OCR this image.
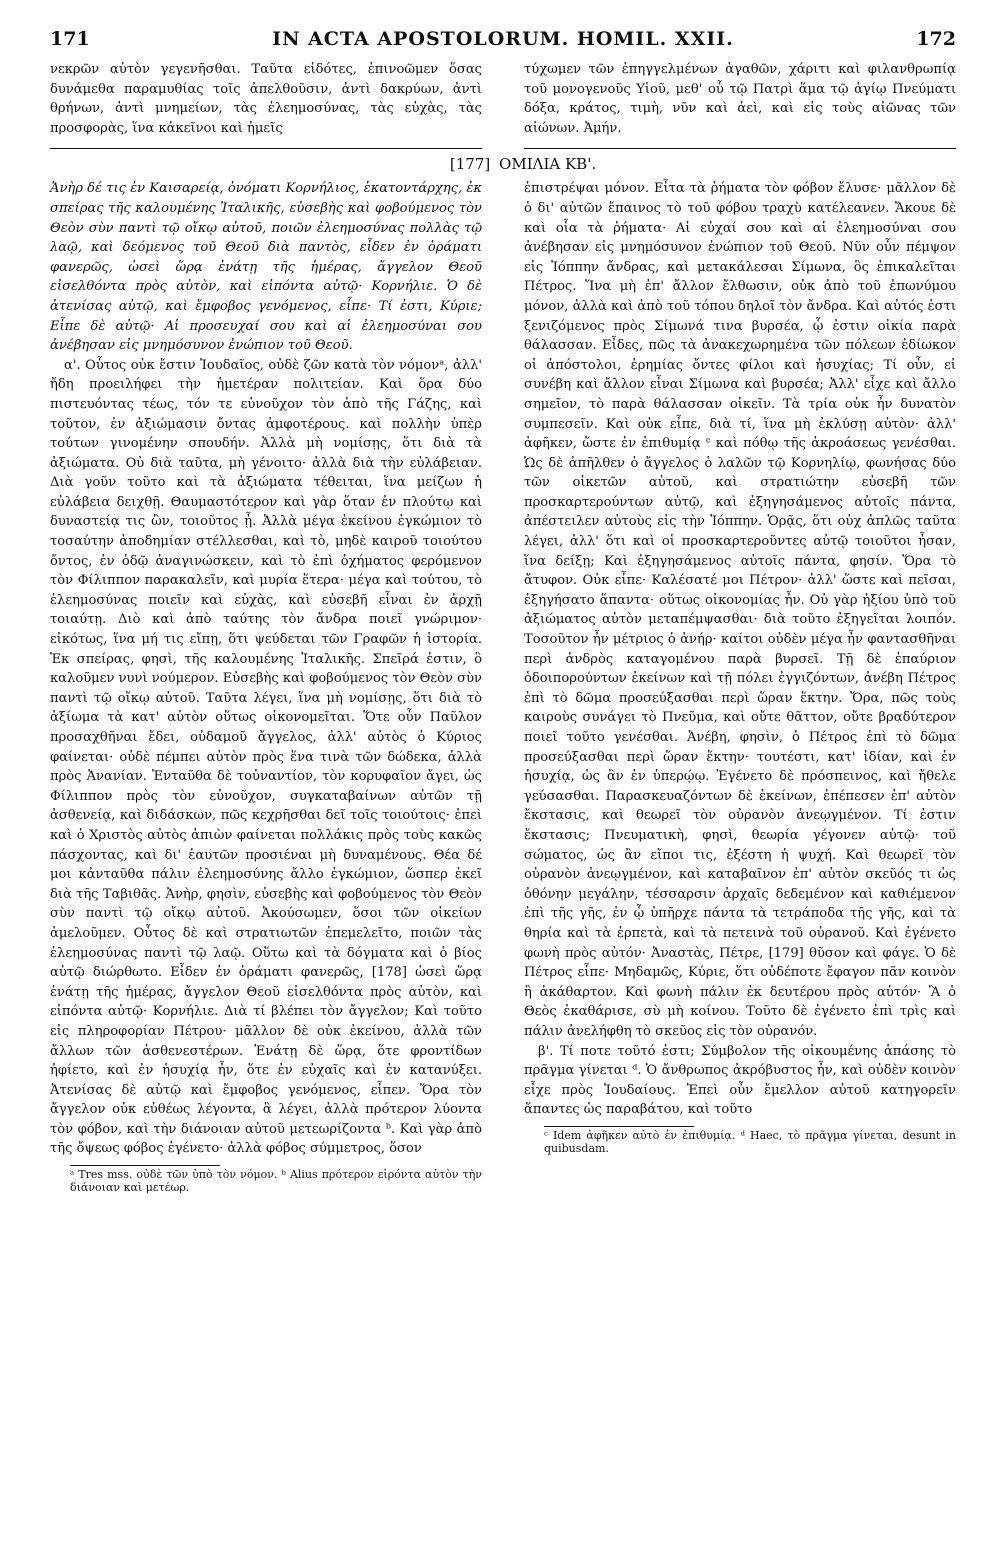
171	IN ACTA APOSTOLORUM. HOMIL. XXII.	172

νεκρῶν αὐτὸν γεγενῆσθαι. Ταῦτα εἰδότες, ἐπινοῶμεν ὅσας δυνάμεθα παραμυθίας τοῖς ἀπελθοῦσιν, ἀντὶ δακρύων, ἀντὶ θρήνων, ἀντὶ μνημείων, τὰς ἐλεημοσύνας, τὰς εὐχὰς, τὰς προσφορὰς, ἵνα κἀκεῖνοι καὶ ἡμεῖς

τύχωμεν τῶν ἐπηγγελμένων ἀγαθῶν, χάριτι καὶ φιλανθρωπίᾳ τοῦ μονογενοῦς Υἱοῦ, μεθ' οὗ τῷ Πατρὶ ἅμα τῷ ἁγίῳ Πνεύματι δόξα, κράτος, τιμὴ, νῦν καὶ ἀεὶ, καὶ εἰς τοὺς αἰῶνας τῶν αἰώνων. Ἀμήν.

[177] ΟΜΙΛΙΑ ΚΒ'.

Ἀνὴρ δέ τις ἐν Καισαρείᾳ, ὀνόματι Κορνήλιος, ἑκατοντάρχης, ἐκ σπείρας τῆς καλουμένης Ἰταλικῆς, εὐσεβὴς καὶ φοβούμενος τὸν Θεὸν σὺν παντὶ τῷ οἴκῳ αὐτοῦ, ποιῶν ἐλεημοσύνας πολλὰς τῷ λαῷ, καὶ δεόμενος τοῦ Θεοῦ διὰ παντὸς, εἶδεν ἐν ὁράματι φανερῶς, ὡσεὶ ὥρᾳ ἐνάτῃ τῆς ἡμέρας, ἄγγελον Θεοῦ εἰσελθόντα πρὸς αὐτὸν, καὶ εἰπόντα αὐτῷ· Κορνήλιε. Ὁ δὲ ἀτενίσας αὐτῷ, καὶ ἔμφοβος γενόμενος, εἶπε· Τί ἐστι, Κύριε; Εἶπε δὲ αὐτῷ· Αἱ προσευχαί σου καὶ αἱ ἐλεημοσύναι σου ἀνέβησαν εἰς μνημόσυνον ἐνώπιον τοῦ Θεοῦ.

α'. Οὗτος οὐκ ἔστιν Ἰουδαῖος, οὐδὲ ζῶν κατὰ τὸν νόμονᵃ, ἀλλ' ἤδη προειλήφει τὴν ἡμετέραν πολιτείαν. Καὶ ὅρα δύο πιστευόντας τέως, τόν τε εὐνοῦχον τὸν ἀπὸ τῆς Γάζης, καὶ τοῦτον, ἐν ἀξιώμασιν ὄντας ἀμφοτέρους. καὶ πολλὴν ὑπὲρ τούτων γινομένην σπουδήν. Ἀλλὰ μὴ νομίσῃς, ὅτι διὰ τὰ ἀξιώματα. Οὐ διὰ ταῦτα, μὴ γένοιτο· ἀλλὰ διὰ τὴν εὐλάβειαν. Διὰ γοῦν τοῦτο καὶ τὰ ἀξιώματα τέθειται, ἵνα μείζων ἡ εὐλάβεια δειχθῇ. Θαυμαστότερον καὶ γὰρ ὅταν ἐν πλούτῳ καὶ δυναστείᾳ τις ὢν, τοιοῦτος ᾖ. Ἀλλὰ μέγα ἐκείνου ἐγκώμιον τὸ τοσαύτην ἀποδημίαν στέλλεσθαι, καὶ τὸ, μηδὲ καιροῦ τοιούτου ὄντος, ἐν ὁδῷ ἀναγινώσκειν, καὶ τὸ ἐπὶ ὀχήματος φερόμενον τὸν Φίλιππον παρακαλεῖν, καὶ μυρία ἕτερα· μέγα καὶ τούτου, τὸ ἐλεημοσύνας ποιεῖν καὶ εὐχὰς, καὶ εὐσεβῆ εἶναι ἐν ἀρχῇ τοιαύτῃ. Διὸ καὶ ἀπὸ ταύτης τὸν ἄνδρα ποιεῖ γνώριμον· εἰκότως, ἵνα μή τις εἴπῃ, ὅτι ψεύδεται τῶν Γραφῶν ἡ ἱστορία. Ἐκ σπείρας, φησὶ, τῆς καλουμένης Ἰταλικῆς. Σπεῖρά ἐστιν, ὃ καλοῦμεν νυνὶ νούμερον. Εὐσεβὴς καὶ φοβούμενος τὸν Θεὸν σὺν παντὶ τῷ οἴκῳ αὐτοῦ. Ταῦτα λέγει, ἵνα μὴ νομίσῃς, ὅτι διὰ τὸ ἀξίωμα τὰ κατ' αὐτὸν οὕτως οἰκονομεῖται. Ὅτε οὖν Παῦλον προσαχθῆναι ἔδει, οὐδαμοῦ ἄγγελος, ἀλλ' αὐτὸς ὁ Κύριος φαίνεται· οὐδὲ πέμπει αὐτὸν πρὸς ἕνα τινὰ τῶν δώδεκα, ἀλλὰ πρὸς Ἀνανίαν. Ἐνταῦθα δὲ τοὐναντίον, τὸν κορυφαῖον ἄγει, ὡς Φίλιππον πρὸς τὸν εὐνοῦχον, συγκαταβαίνων αὐτῶν τῇ ἀσθενείᾳ, καὶ διδάσκων, πῶς κεχρῆσθαι δεῖ τοῖς τοιούτοις· ἐπεὶ καὶ ὁ Χριστὸς αὐτὸς ἀπιὼν φαίνεται πολλάκις πρὸς τοὺς κακῶς πάσχοντας, καὶ δι' ἑαυτῶν προσιέναι μὴ δυναμένους. Θέα δέ μοι κἀνταῦθα πάλιν ἐλεημοσύνης ἄλλο ἐγκώμιον, ὥσπερ ἐκεῖ διὰ τῆς Ταβιθᾶς. Ἀνὴρ, φησὶν, εὐσεβὴς καὶ φοβούμενος τὸν Θεὸν σὺν παντὶ τῷ οἴκῳ αὐτοῦ. Ἀκούσωμεν, ὅσοι τῶν οἰκείων ἀμελοῦμεν. Οὗτος δὲ καὶ στρατιωτῶν ἐπεμελεῖτο, ποιῶν τὰς ἐλεημοσύνας παντὶ τῷ λαῷ. Οὕτω καὶ τὰ δόγματα καὶ ὁ βίος αὐτῷ διώρθωτο. Εἶδεν ἐν ὁράματι φανερῶς, [178] ὡσεὶ ὥρᾳ ἐνάτῃ τῆς ἡμέρας, ἄγγελον Θεοῦ εἰσελθόντα πρὸς αὐτὸν, καὶ εἰπόντα αὐτῷ· Κορνήλιε. Διὰ τί βλέπει τὸν ἄγγελον; Καὶ τοῦτο εἰς πληροφορίαν Πέτρου· μᾶλλον δὲ οὐκ ἐκείνου, ἀλλὰ τῶν ἄλλων τῶν ἀσθενεστέρων. Ἐνάτῃ δὲ ὥρᾳ, ὅτε φροντίδων ἠφίετο, καὶ ἐν ἡσυχίᾳ ἦν, ὅτε ἐν εὐχαῖς καὶ ἐν κατανύξει. Ἀτενίσας δὲ αὐτῷ καὶ ἔμφοβος γενόμενος, εἶπεν. Ὅρα τὸν ἄγγελον οὐκ εὐθέως λέγοντα, ἃ λέγει, ἀλλὰ πρότερον λύοντα τὸν φόβον, καὶ τὴν διάνοιαν αὐτοῦ μετεωρίζοντα ᵇ. Καὶ γὰρ ἀπὸ τῆς ὄψεως φόβος ἐγένετο· ἀλλὰ φόβος σύμμετρος, ὅσον

ᵃ Tres mss. οὐδὲ τῶν ὑπὸ τὸν νόμον. ᵇ Alius πρότερον εἰρόντα αὐτὸν τὴν διάνοιαν καὶ μετέωρ.

ἐπιστρέψαι μόνον. Εἶτα τὰ ῥήματα τὸν φόβον ἔλυσε· μᾶλλον δὲ ὁ δι' αὐτῶν ἔπαινος τὸ τοῦ φόβου τραχὺ κατέλεανεν. Ἄκουε δὲ καὶ οἷα τὰ ῥήματα· Αἱ εὐχαί σου καὶ αἱ ἐλεημοσύναι σου ἀνέβησαν εἰς μνημόσυνον ἐνώπιον τοῦ Θεοῦ. Νῦν οὖν πέμψον εἰς Ἰόππην ἄνδρας, καὶ μετακάλεσαι Σίμωνα, ὃς ἐπικαλεῖται Πέτρος. Ἵνα μὴ ἐπ' ἄλλον ἔλθωσιν, οὐκ ἀπὸ τοῦ ἐπωνύμου μόνον, ἀλλὰ καὶ ἀπὸ τοῦ τόπου δηλοῖ τὸν ἄνδρα. Καὶ αὐτός ἐστι ξενιζόμενος πρὸς Σίμωνά τινα βυρσέα, ᾧ ἐστιν οἰκία παρὰ θάλασσαν. Εἶδες, πῶς τὰ ἀνακεχωρημένα τῶν πόλεων ἐδίωκον οἱ ἀπόστολοι, ἐρημίας ὄντες φίλοι καὶ ἡσυχίας; Τί οὖν, εἰ συνέβη καὶ ἄλλον εἶναι Σίμωνα καὶ βυρσέα; Ἀλλ' εἶχε καὶ ἄλλο σημεῖον, τὸ παρὰ θάλασσαν οἰκεῖν. Τὰ τρία οὐκ ἦν δυνατὸν συμπεσεῖν. Καὶ οὐκ εἶπε, διὰ τί, ἵνα μὴ ἐκλύσῃ αὐτὸν· ἀλλ' ἀφῆκεν, ὥστε ἐν ἐπιθυμίᾳ ᶜ καὶ πόθῳ τῆς ἀκροάσεως γενέσθαι. Ὡς δὲ ἀπῆλθεν ὁ ἄγγελος ὁ λαλῶν τῷ Κορνηλίῳ, φωνήσας δύο τῶν οἰκετῶν αὐτοῦ, καὶ στρατιώτην εὐσεβῆ τῶν προσκαρτερούντων αὐτῷ, καὶ ἐξηγησάμενος αὐτοῖς πάντα, ἀπέστειλεν αὐτοὺς εἰς τὴν Ἰόππην. Ὁρᾷς, ὅτι οὐχ ἁπλῶς ταῦτα λέγει, ἀλλ' ὅτι καὶ οἱ προσκαρτεροῦντες αὐτῷ τοιοῦτοι ἦσαν, ἵνα δείξῃ; Καὶ ἐξηγησάμενος αὐτοῖς πάντα, φησίν. Ὅρα τὸ ἄτυφον. Οὐκ εἶπε· Καλέσατέ μοι Πέτρον· ἀλλ' ὥστε καὶ πεῖσαι, ἐξηγήσατο ἅπαντα· οὕτως οἰκονομίας ἦν. Οὐ γὰρ ἠξίου ὑπὸ τοῦ ἀξιώματος αὐτὸν μεταπέμψασθαι· διὰ τοῦτο ἐξηγεῖται λοιπόν. Τοσοῦτον ἦν μέτριος ὁ ἀνήρ· καίτοι οὐδὲν μέγα ἦν φαντασθῆναι περὶ ἀνδρὸς καταγομένου παρὰ βυρσεῖ. Τῇ δὲ ἐπαύριον ὁδοιπορούντων ἐκείνων καὶ τῇ πόλει ἐγγιζόντων, ἀνέβη Πέτρος ἐπὶ τὸ δῶμα προσεύξασθαι περὶ ὥραν ἕκτην. Ὅρα, πῶς τοὺς καιροὺς συνάγει τὸ Πνεῦμα, καὶ οὔτε θᾶττον, οὔτε βραδύτερον ποιεῖ τοῦτο γενέσθαι. Ἀνέβη, φησὶν, ὁ Πέτρος ἐπὶ τὸ δῶμα προσεύξασθαι περὶ ὥραν ἕκτην· τουτέστι, κατ' ἰδίαν, καὶ ἐν ἡσυχίᾳ, ὡς ἂν ἐν ὑπερῴῳ. Ἐγένετο δὲ πρόσπεινος, καὶ ἤθελε γεύσασθαι. Παρασκευαζόντων δὲ ἐκείνων, ἐπέπεσεν ἐπ' αὐτὸν ἔκστασις, καὶ θεωρεῖ τὸν οὐρανὸν ἀνεῳγμένον. Τί ἐστιν ἔκστασις; Πνευματικὴ, φησὶ, θεωρία γέγονεν αὐτῷ· τοῦ σώματος, ὡς ἂν εἴποι τις, ἐξέστη ἡ ψυχή. Καὶ θεωρεῖ τὸν οὐρανὸν ἀνεῳγμένον, καὶ καταβαῖνον ἐπ' αὐτὸν σκεῦός τι ὡς ὀθόνην μεγάλην, τέσσαρσιν ἀρχαῖς δεδεμένον καὶ καθιέμενον ἐπὶ τῆς γῆς, ἐν ᾧ ὑπῆρχε πάντα τὰ τετράποδα τῆς γῆς, καὶ τὰ θηρία καὶ τὰ ἑρπετὰ, καὶ τὰ πετεινὰ τοῦ οὐρανοῦ. Καὶ ἐγένετο φωνὴ πρὸς αὐτόν· Ἀναστὰς, Πέτρε, [179] θῦσον καὶ φάγε. Ὁ δὲ Πέτρος εἶπε· Μηδαμῶς, Κύριε, ὅτι οὐδέποτε ἔφαγον πᾶν κοινὸν ἢ ἀκάθαρτον. Καὶ φωνὴ πάλιν ἐκ δευτέρου πρὸς αὐτόν· Ἃ ὁ Θεὸς ἐκαθάρισε, σὺ μὴ κοίνου. Τοῦτο δὲ ἐγένετο ἐπὶ τρὶς καὶ πάλιν ἀνελήφθη τὸ σκεῦος εἰς τὸν οὐρανόν.

β'. Τί ποτε τοῦτό ἐστι; Σύμβολον τῆς οἰκουμένης ἁπάσης τὸ πρᾶγμα γίνεται ᵈ. Ὁ ἄνθρωπος ἀκρόβυστος ἦν, καὶ οὐδὲν κοινὸν εἶχε πρὸς Ἰουδαίους. Ἐπεὶ οὖν ἔμελλον αὐτοῦ κατηγορεῖν ἅπαντες ὡς παραβάτου, καὶ τοῦτο

ᶜ Idem ἀφῆκεν αὐτὸ ἐν ἐπιθυμίᾳ. ᵈ Haec, τὸ πρᾶγμα γίνεται, desunt in quibusdam.
